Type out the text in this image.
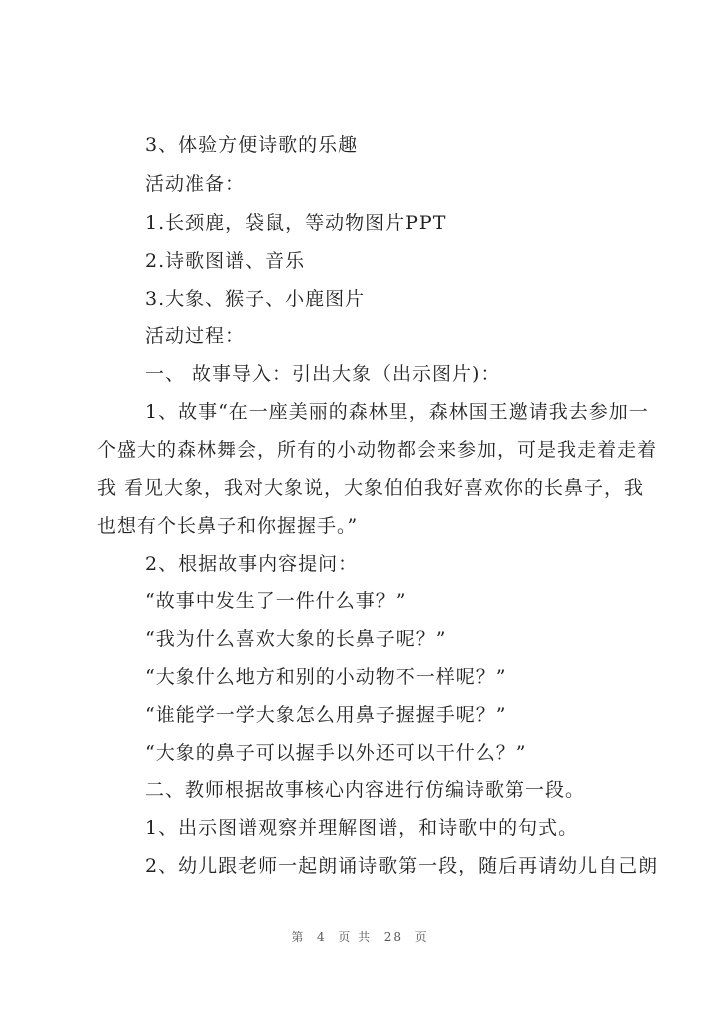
3、体验方便诗歌的乐趣
活动准备：
1.长颈鹿，袋鼠，等动物图片PPT
2.诗歌图谱、音乐
3.大象、猴子、小鹿图片
活动过程：
一、 故事导入：引出大象（出示图片)：
1、故事“在一座美丽的森林里，森林国王邀请我去参加一
个盛大的森林舞会，所有的小动物都会来参加，可是我走着走着
我 看见大象，我对大象说，大象伯伯我好喜欢你的长鼻子，我
也想有个长鼻子和你握握手。”
2、根据故事内容提问：
“故事中发生了一件什么事？”
“我为什么喜欢大象的长鼻子呢？”
“大象什么地方和别的小动物不一样呢？”
“谁能学一学大象怎么用鼻子握握手呢？”
“大象的鼻子可以握手以外还可以干什么？”
二、教师根据故事核心内容进行仿编诗歌第一段。
1、出示图谱观察并理解图谱，和诗歌中的句式。
2、幼儿跟老师一起朗诵诗歌第一段，随后再请幼儿自己朗
第  4  页 共  28  页
